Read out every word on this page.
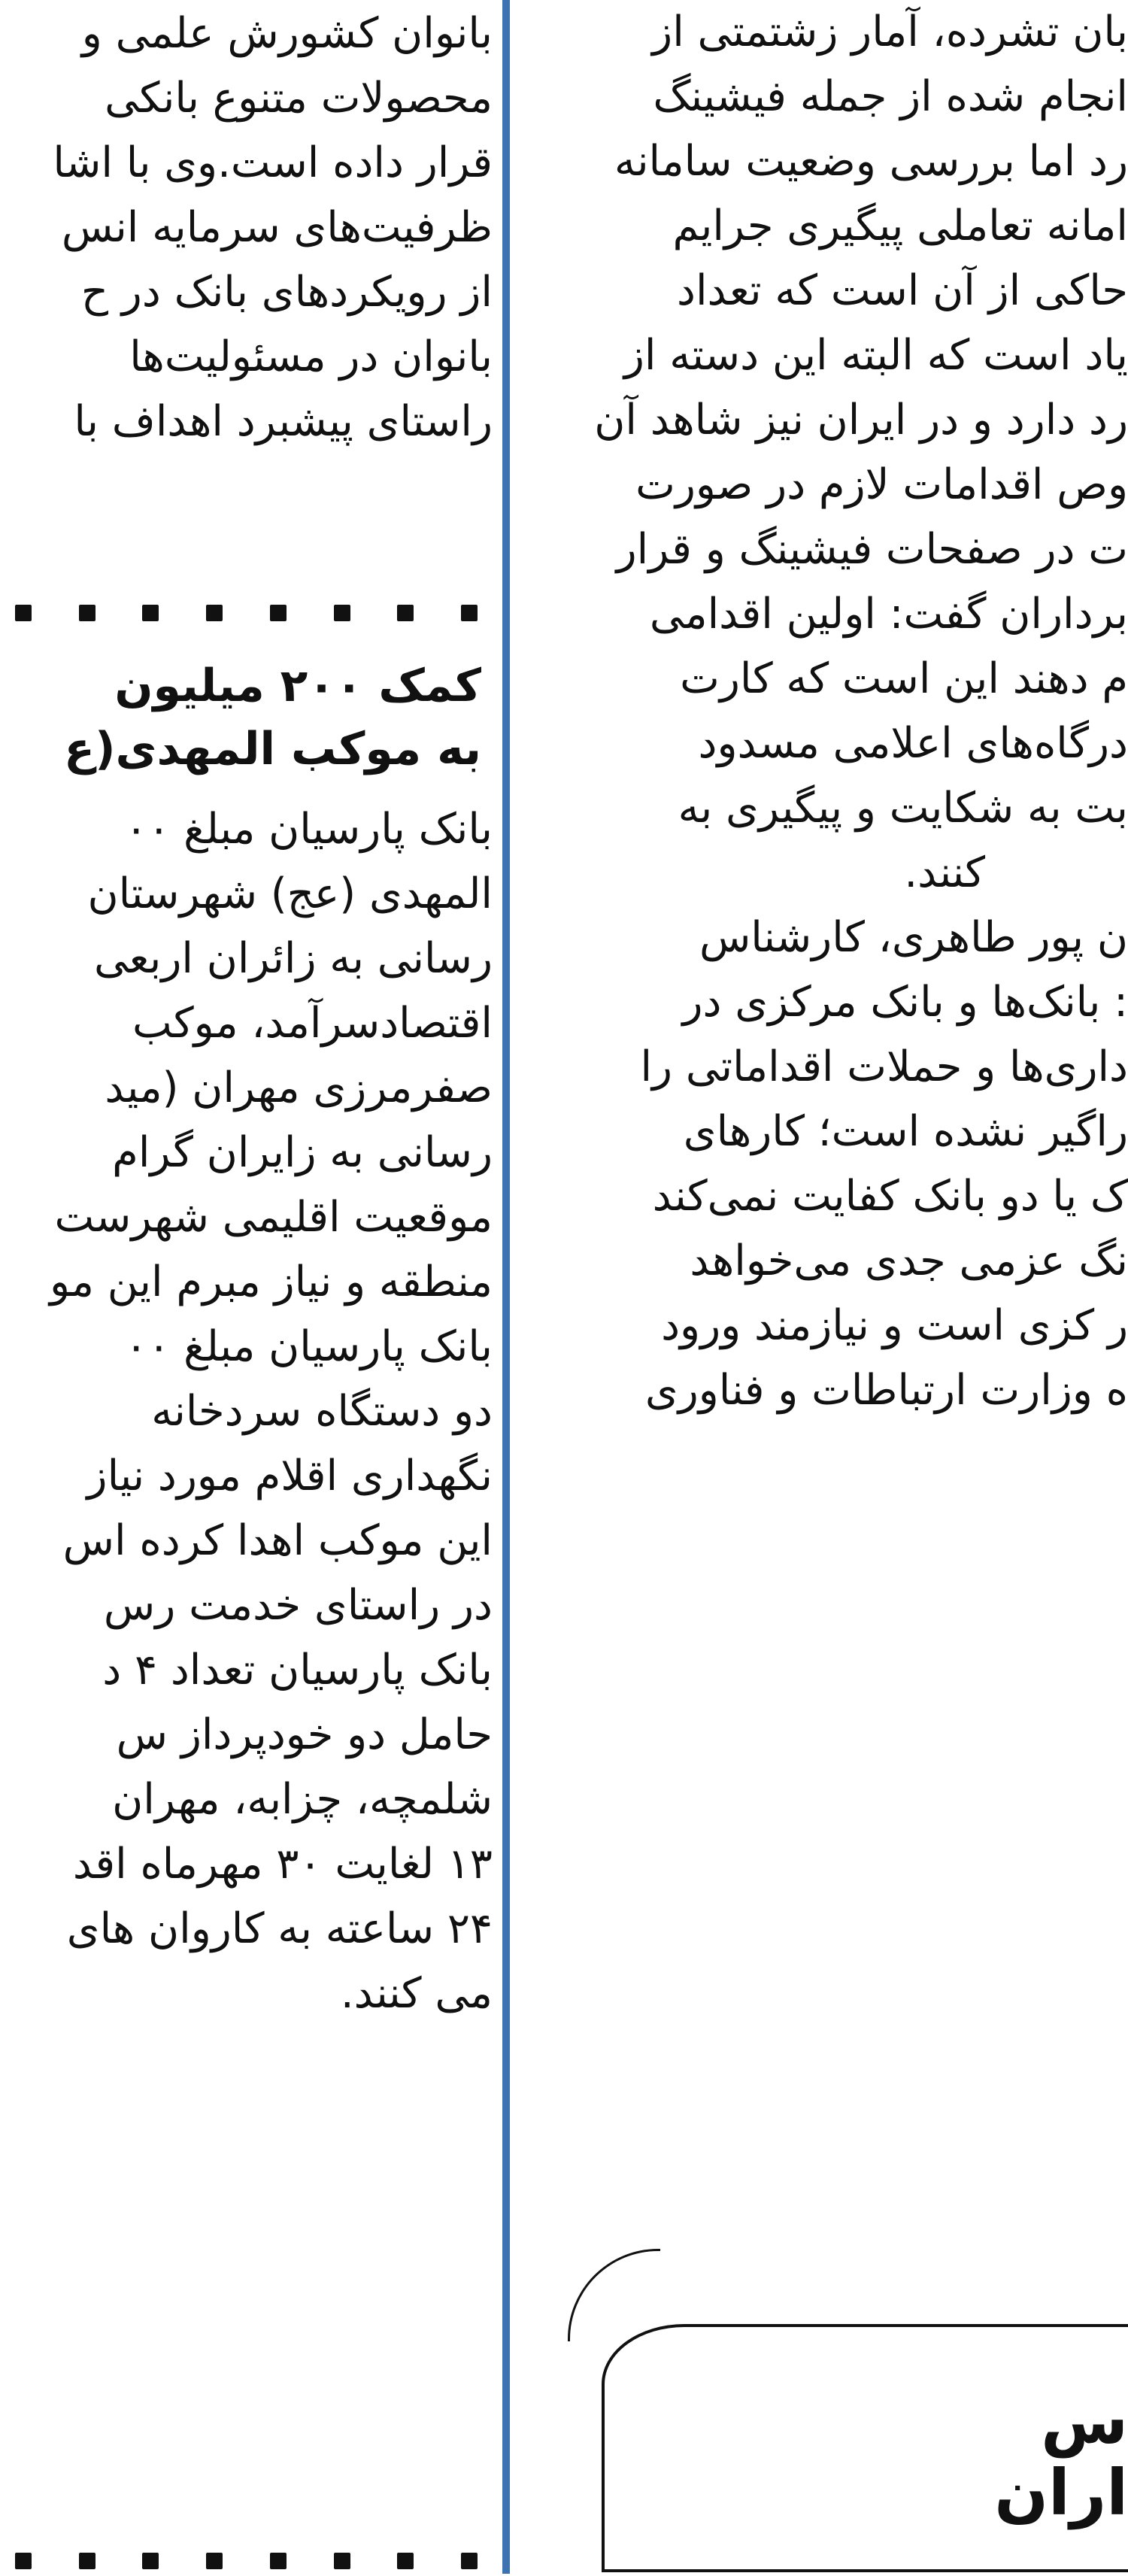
بانوان کشورش علمی و
محصولات متنوع بانکی
قرار داده است.وی با اشا
ظرفیت‌های سرمایه انس
از رویکردهای بانک در ح
بانوان در مسئولیت‌ها
راستای پیشبرد اهداف با
کمک ۲۰۰ میلیون
به موکب المهدی(ع
بانک پارسیان مبلغ ۰۰
المهدی (عج) شهرستان
رسانی به زائران اربعی
اقتصادسرآمد، موکب
صفرمرزی مهران (مید
رسانی به زایران گرام
موقعیت اقلیمی شهرست
منطقه و نیاز مبرم این مو
بانک پارسیان مبلغ ۰۰
دو دستگاه سردخانه
نگهداری اقلام مورد نیاز
این موکب اهدا کرده اس
در راستای خدمت رس
بانک پارسیان تعداد ۴ د
حامل دو خودپرداز س
شلمچه، چزابه، مهران
۱۳ لغایت ۳۰ مهرماه اقد
۲۴ ساعته به کاروان های
می کنند.
بان تشرده، آمار زشتمتی از
انجام شده از جمله فیشینگ
رد اما بررسی وضعیت سامانه
امانه تعاملی پیگیری جرایم
حاکی از آن است که تعداد
یاد است که البته این دسته از
رد دارد و در ایران نیز شاهد آن
وص اقدامات لازم در صورت
ت در صفحات فیشینگ و قرار
برداران گفت: اولین اقدامی
م دهند این است که کارت
درگاه‌های اعلامی مسدود
بت به شکایت و پیگیری به
کنند.
ن پور طاهری، کارشناس
: بانک‌ها و بانک مرکزی در
داری‌ها و حملات اقداماتی را
راگیر نشده است؛ کارهای
ک یا دو بانک کفایت نمی‌کند
نگ عزمی جدی می‌خواهد
ر کزی است و نیازمند ورود
ه وزارت ارتباطات و فناوری
س
اران
